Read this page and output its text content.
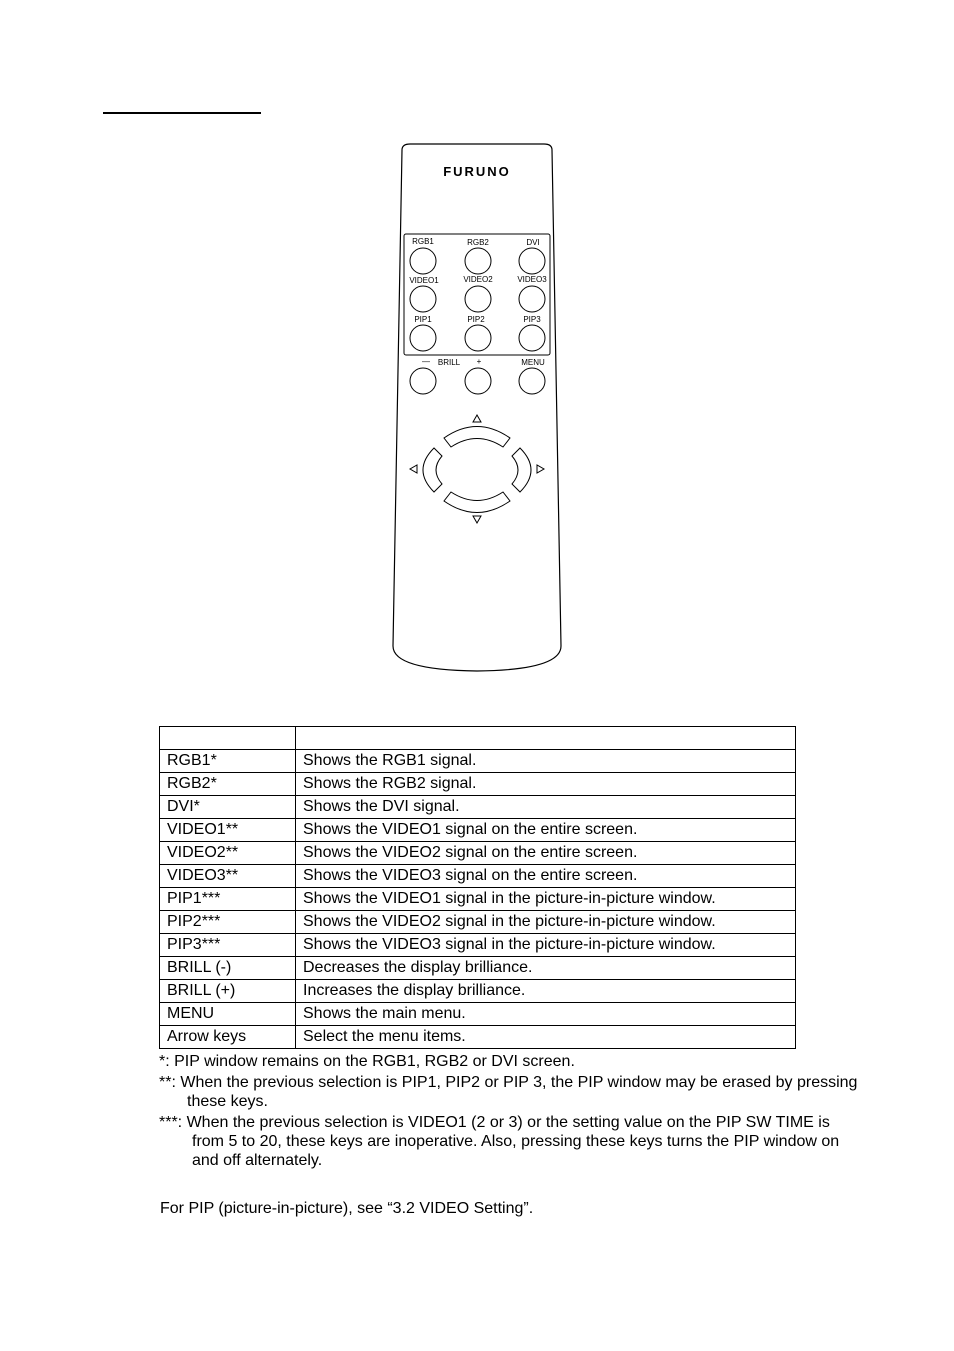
FURUNO
RGB1	RGB2	DVI
VIDEO1	VIDEO2	VIDEO3
PIP1	PIP2	PIP3
— BRILL +	MENU

RGB1*	Shows the RGB1 signal.
RGB2*	Shows the RGB2 signal.
DVI*	Shows the DVI signal.
VIDEO1**	Shows the VIDEO1 signal on the entire screen.
VIDEO2**	Shows the VIDEO2 signal on the entire screen.
VIDEO3**	Shows the VIDEO3 signal on the entire screen.
PIP1***	Shows the VIDEO1 signal in the picture-in-picture window.
PIP2***	Shows the VIDEO2 signal in the picture-in-picture window.
PIP3***	Shows the VIDEO3 signal in the picture-in-picture window.
BRILL (-)	Decreases the display brilliance.
BRILL (+)	Increases the display brilliance.
MENU	Shows the main menu.
Arrow keys	Select the menu items.

*: PIP window remains on the RGB1, RGB2 or DVI screen.

**: When the previous selection is PIP1, PIP2 or PIP 3, the PIP window may be erased by pressing these keys.

***: When the previous selection is VIDEO1 (2 or 3) or the setting value on the PIP SW TIME is from 5 to 20, these keys are inoperative. Also, pressing these keys turns the PIP window on and off alternately.

For PIP (picture-in-picture), see “3.2 VIDEO Setting”.
